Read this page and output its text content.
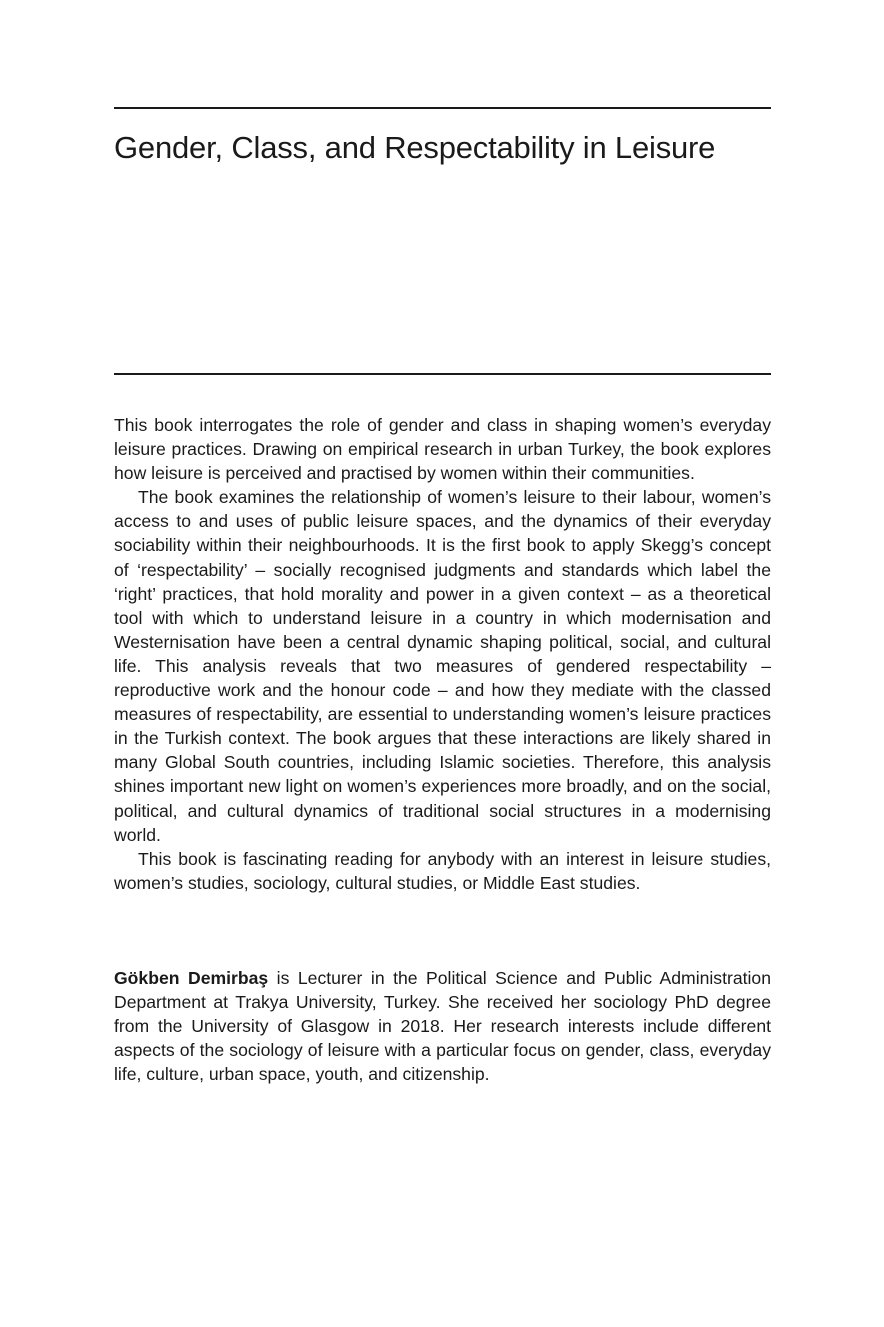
Gender, Class, and Respectability in Leisure

This book interrogates the role of gender and class in shaping women’s everyday leisure practices. Drawing on empirical research in urban Turkey, the book explores how leisure is perceived and practised by women within their communities.

The book examines the relationship of women’s leisure to their labour, women’s access to and uses of public leisure spaces, and the dynamics of their everyday sociability within their neighbourhoods. It is the first book to apply Skegg’s concept of ‘respectability’ – socially recognised judgments and standards which label the ‘right’ practices, that hold morality and power in a given context – as a theoretical tool with which to understand leisure in a country in which modernisation and Westernisation have been a central dynamic shaping political, social, and cultural life. This analysis reveals that two measures of gendered respectability – reproductive work and the honour code – and how they mediate with the classed measures of respectability, are essential to understanding women’s leisure practices in the Turkish context. The book argues that these interactions are likely shared in many Global South countries, including Islamic societies. Therefore, this analysis shines important new light on women’s experiences more broadly, and on the social, political, and cultural dynamics of traditional social structures in a modernising world.

This book is fascinating reading for anybody with an interest in leisure studies, women’s studies, sociology, cultural studies, or Middle East studies.

Gökben Demirbaş is Lecturer in the Political Science and Public Administration Department at Trakya University, Turkey. She received her sociology PhD degree from the University of Glasgow in 2018. Her research interests include different aspects of the sociology of leisure with a particular focus on gender, class, everyday life, culture, urban space, youth, and citizenship.
